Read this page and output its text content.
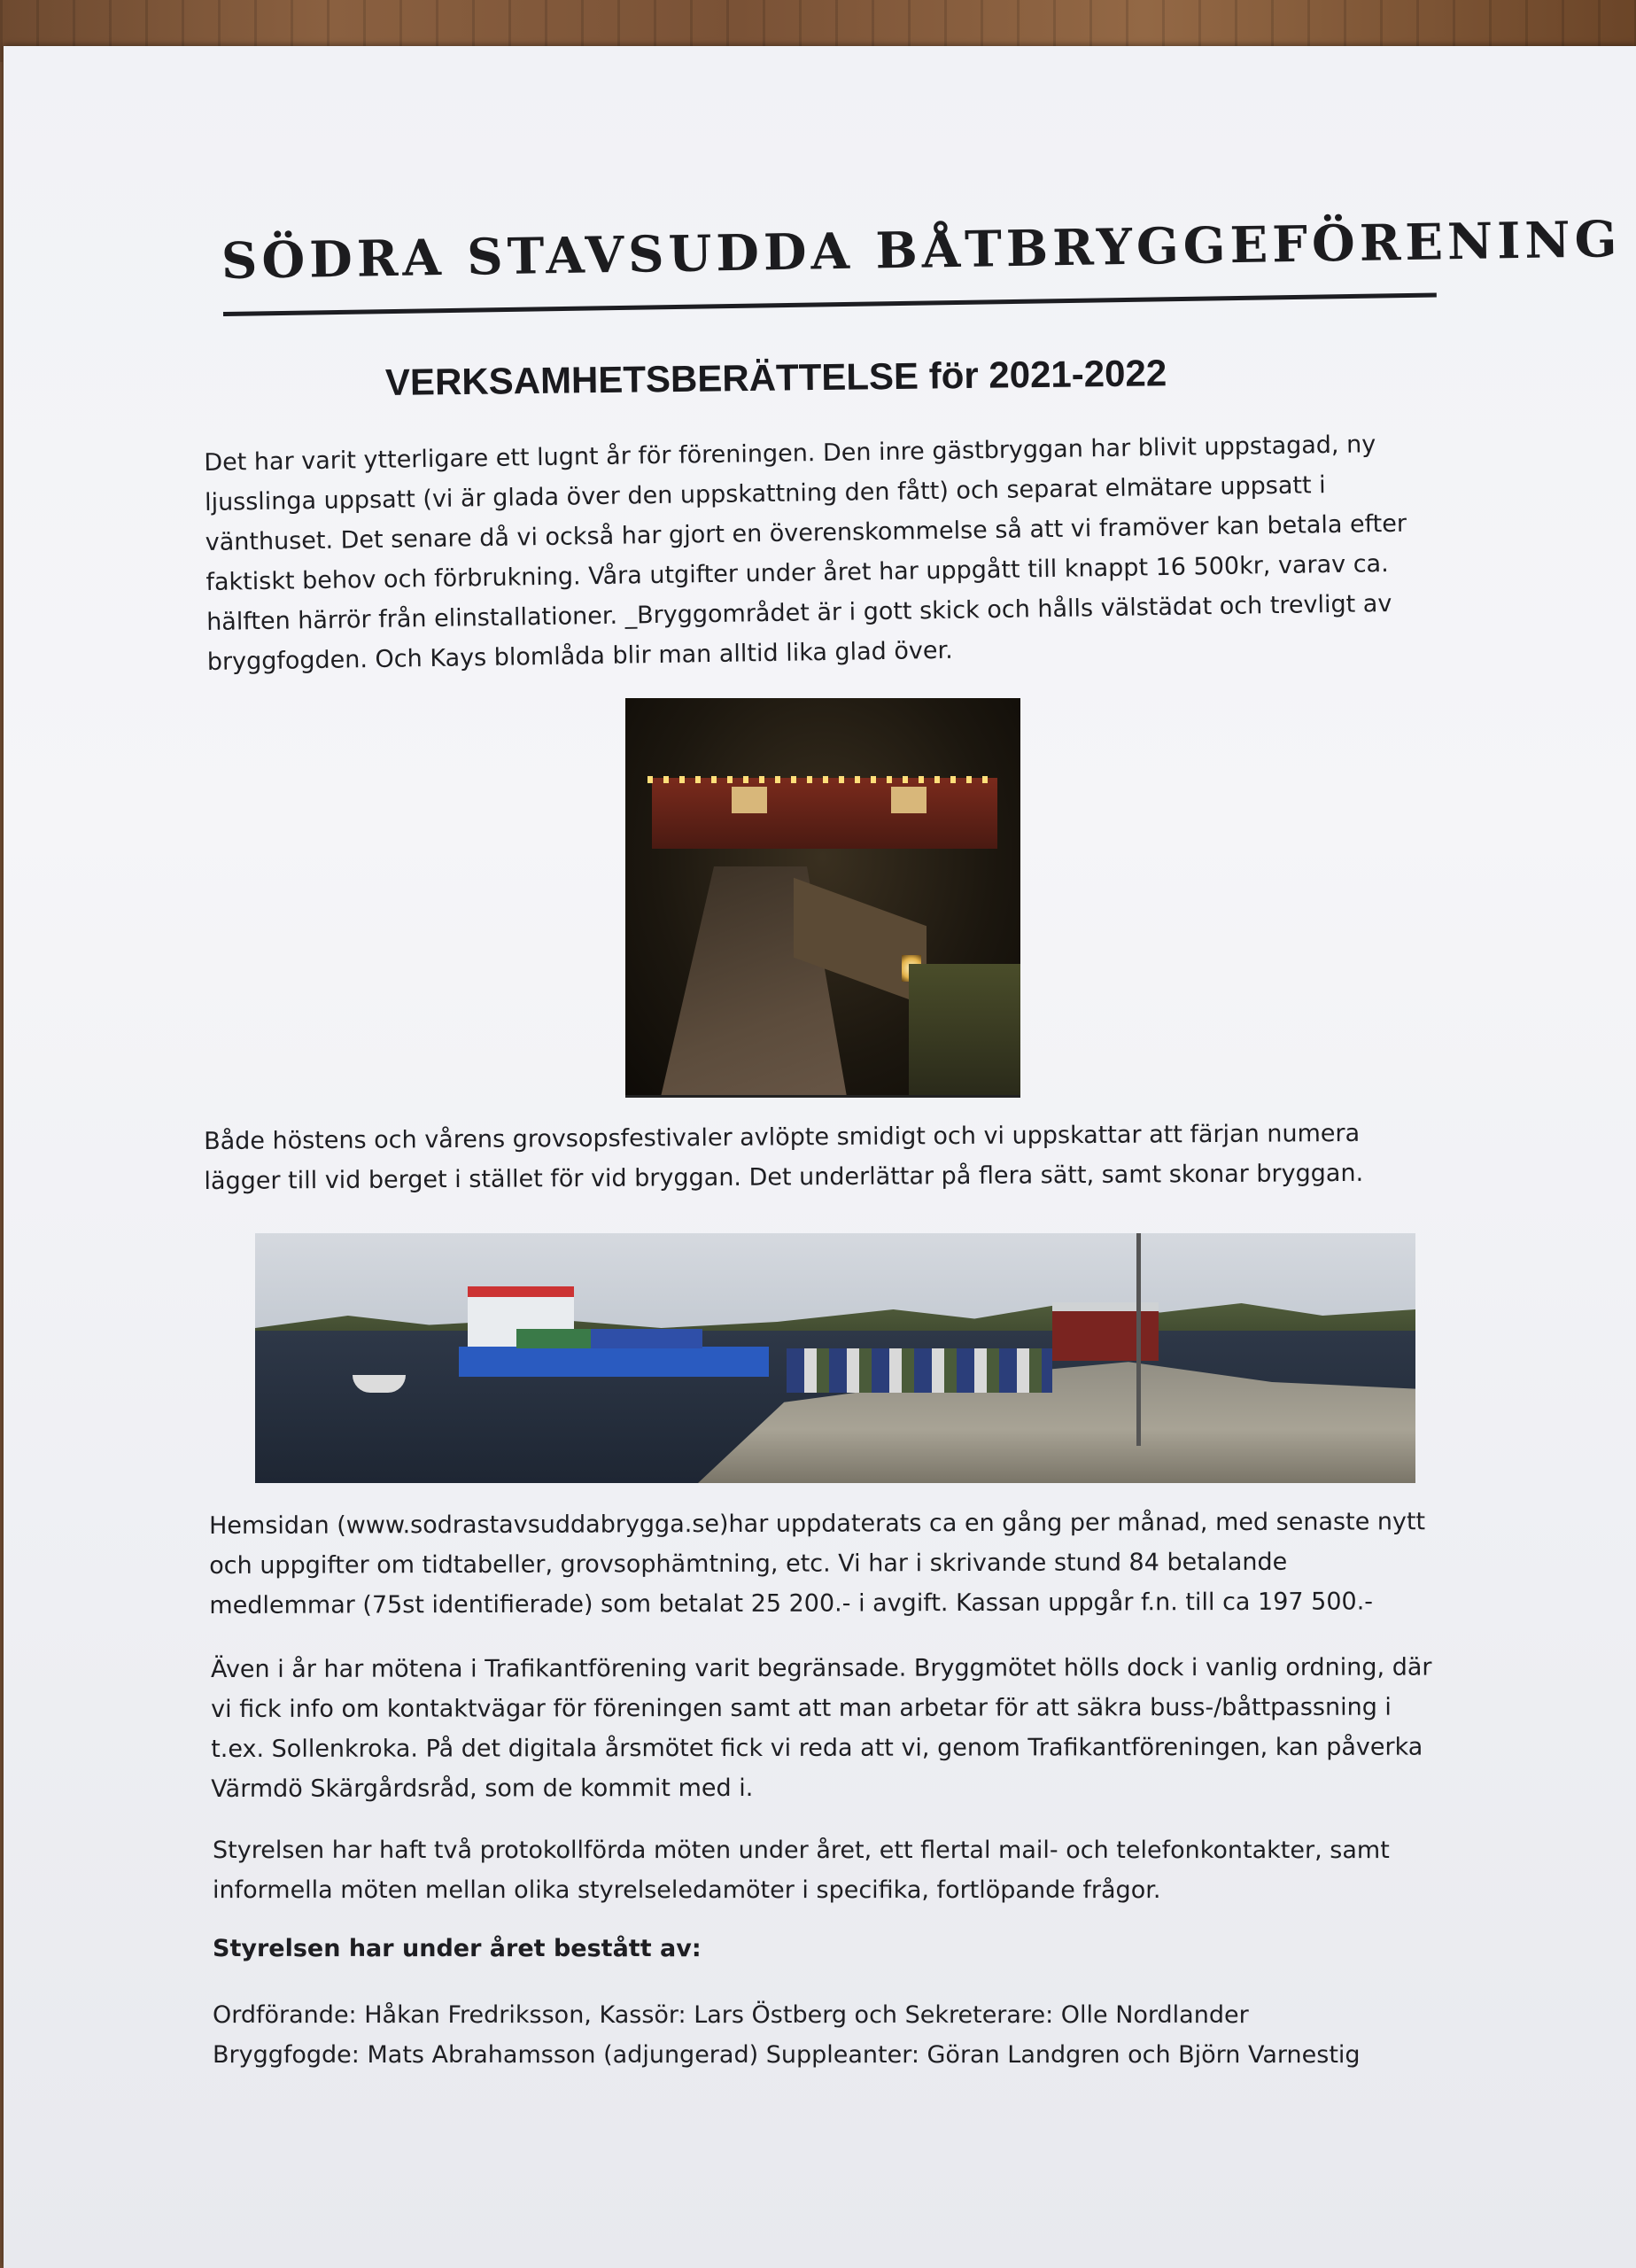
SÖDRA STAVSUDDA BÅTBRYGGEFÖRENING
VERKSAMHETSBERÄTTELSE för 2021-2022
Det har varit ytterligare ett lugnt år för föreningen. Den inre gästbryggan har blivit uppstagad, ny
ljusslinga uppsatt (vi är glada över den uppskattning den fått) och separat elmätare uppsatt i
vänthuset. Det senare då vi också har gjort en överenskommelse så att vi framöver kan betala efter
faktiskt behov och förbrukning. Våra utgifter under året har uppgått till knappt 16 500kr, varav ca.
hälften härrör från elinstallationer. _Bryggområdet är i gott skick och hålls välstädat och trevligt av
bryggfogden. Och Kays blomlåda blir man alltid lika glad över.
Både höstens och vårens grovsopsfestivaler avlöpte smidigt och vi uppskattar att färjan numera
lägger till vid berget i stället för vid bryggan. Det underlättar på flera sätt, samt skonar bryggan.
Hemsidan (www.sodrastavsuddabrygga.se)har uppdaterats ca en gång per månad, med senaste nytt
och uppgifter om tidtabeller, grovsophämtning, etc. Vi har i skrivande stund 84 betalande
medlemmar (75st identifierade) som betalat 25 200.- i avgift. Kassan uppgår f.n. till ca 197 500.-
Även i år har mötena i Trafikantförening varit begränsade. Bryggmötet hölls dock i vanlig ordning, där
vi fick info om kontaktvägar för föreningen samt att man arbetar för att säkra buss-/båttpassning i
t.ex. Sollenkroka. På det digitala årsmötet fick vi reda att vi, genom Trafikantföreningen, kan påverka
Värmdö Skärgårdsråd, som de kommit med i.
Styrelsen har haft två protokollförda möten under året, ett flertal mail- och telefonkontakter, samt
informella möten mellan olika styrelseledamöter i specifika, fortlöpande frågor.
Styrelsen har under året bestått av:
Ordförande: Håkan Fredriksson, Kassör: Lars Östberg och Sekreterare: Olle Nordlander
Bryggfogde: Mats Abrahamsson (adjungerad) Suppleanter: Göran Landgren och Björn Varnestig
